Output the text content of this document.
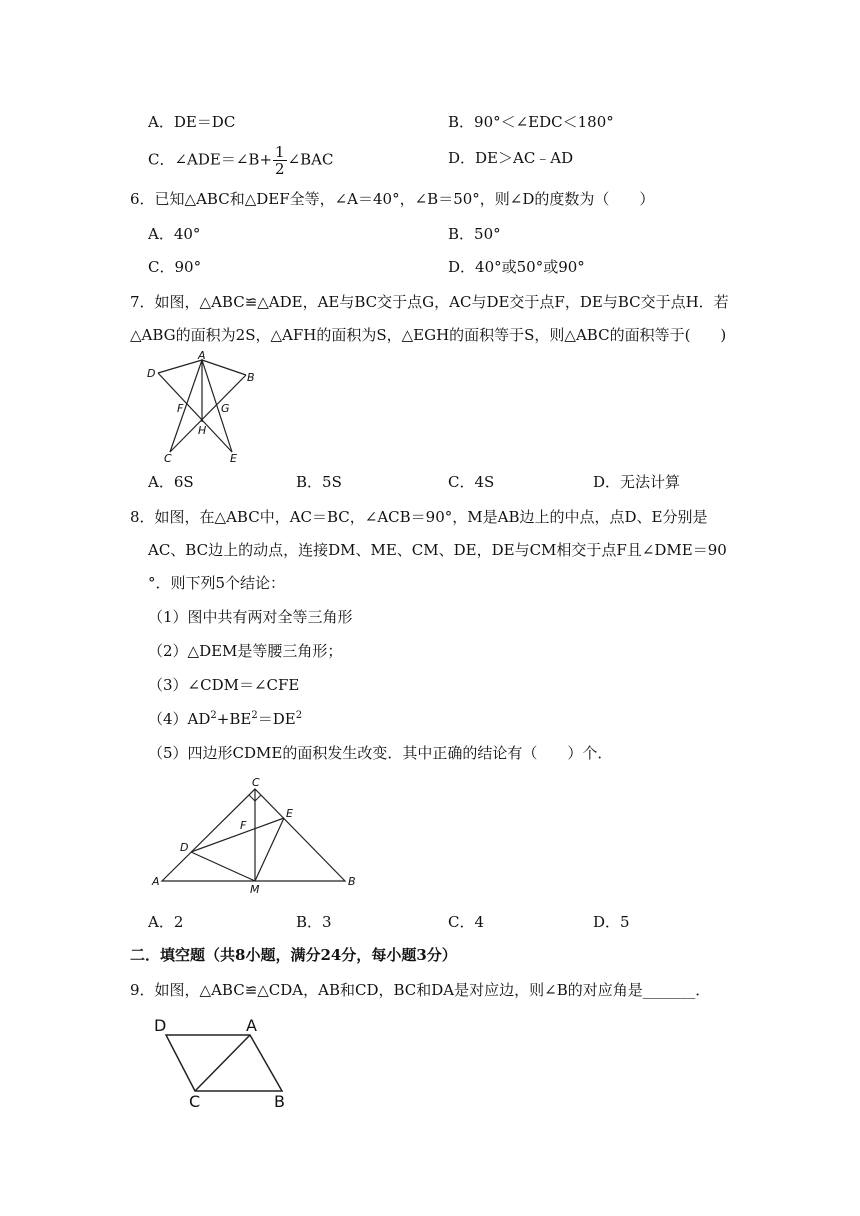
A．DE＝DC	B．90°＜∠EDC＜180°
C．∠ADE＝∠B+ $\frac{1}{2}$ ∠BAC	D．DE＞AC﹣AD
6．已知△ABC和△DEF全等，∠A＝40°，∠B＝50°，则∠D的度数为（　　）
A．40°	B．50°
C．90°	D．40°或50°或90°
7．如图，△ABC≌△ADE，AE与BC交于点G，AC与DE交于点F，DE与BC交于点H．若
△ABG的面积为2S，△AFH的面积为S，△EGH的面积等于S，则△ABC的面积等于(　　)
A
B
C
D
E
F	G
H
A．6S	B．5S	C．4S	D．无法计算
8．如图，在△ABC中，AC＝BC，∠ACB＝90°，M是AB边上的中点，点D、E分别是
AC、BC边上的动点，连接DM、ME、CM、DE，DE与CM相交于点F且∠DME＝90
°．则下列5个结论：
（1）图中共有两对全等三角形
（2）△DEM是等腰三角形；
（3）∠CDM＝∠CFE
$(4)AD^2+BE^2=DE^2$
（5）四边形CDME的面积发生改变．其中正确的结论有（　　）个．
C
E
F
D
A
M
B
A．2	B．3	C．4	D．5
二．填空题（共8小题，满分24分，每小题3分）
9．如图，△ABC≌△CDA，AB和CD，BC和DA是对应边，则∠B的对应角是_______．
D	A
C	B
